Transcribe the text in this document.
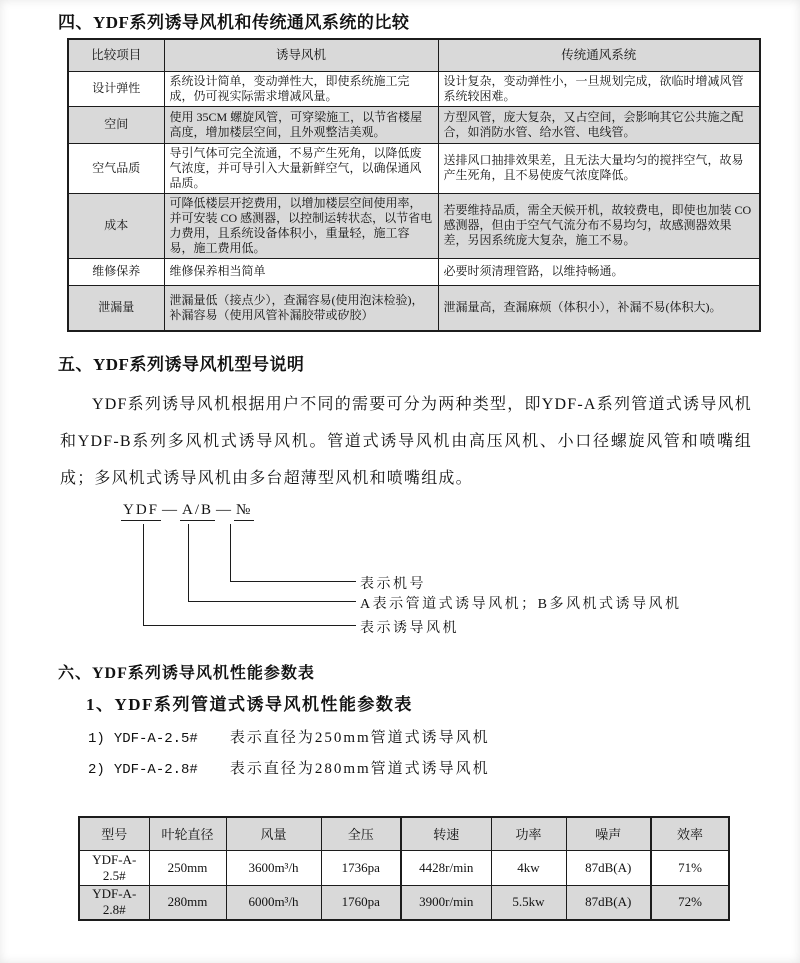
四、YDF系列诱导风机和传统通风系统的比较
比较项目	诱导风机	传统通风系统
设计弹性	系统设计简单，变动弹性大，即使系统施工完成，仍可视实际需求增减风量。	设计复杂，变动弹性小，一旦规划完成，欲临时增减风管系统较困难。
空间	使用 35CM 螺旋风管，可穿梁施工，以节省楼屋高度，增加楼层空间，且外观整洁美观。	方型风管，庞大复杂，又占空间，会影响其它公共施之配合，如消防水管、给水管、电线管。
空气品质	导引气体可完全流通，不易产生死角，以降低废气浓度，并可导引入大量新鲜空气，以确保通风品质。	送排风口抽排效果差，且无法大量均匀的搅拌空气，故易产生死角，且不易使废气浓度降低。
成本	可降低楼层开挖费用，以增加楼层空间使用率，并可安装 CO 感测器，以控制运转状态，以节省电力费用，且系统设备体积小，重量轻，施工容易，施工费用低。	若要维持品质，需全天候开机，故较费电，即使也加装 CO 感测器，但由于空气气流分布不易均匀，故感测器效果差，另因系统庞大复杂，施工不易。
维修保养	维修保养相当简单	必要时须清理管路，以维持畅通。
泄漏量	泄漏量低（接点少），查漏容易(使用泡沫检验)，补漏容易（使用风管补漏胶带或矽胶）	泄漏量高，查漏麻烦（体积小），补漏不易(体积大)。
五、YDF系列诱导风机型号说明

YDF系列诱导风机根据用户不同的需要可分为两种类型，即YDF-A系列管道式诱导风机和YDF-B系列多风机式诱导风机。管道式诱导风机由高压风机、小口径螺旋风管和喷嘴组成；多风机式诱导风机由多台超薄型风机和喷嘴组成。

YDF — A/B — №
表示机号
A表示管道式诱导风机；B多风机式诱导风机
表示诱导风机
六、YDF系列诱导风机性能参数表
1、YDF系列管道式诱导风机性能参数表
1) YDF-A-2.5# 表示直径为250mm管道式诱导风机
2) YDF-A-2.8# 表示直径为280mm管道式诱导风机
型号	叶轮直径	风量	全压	转速	功率	噪声	效率
YDF-A-2.5#	250mm	3600m³/h	1736pa	4428r/min	4kw	87dB(A)	71%
YDF-A-2.8#	280mm	6000m³/h	1760pa	3900r/min	5.5kw	87dB(A)	72%
